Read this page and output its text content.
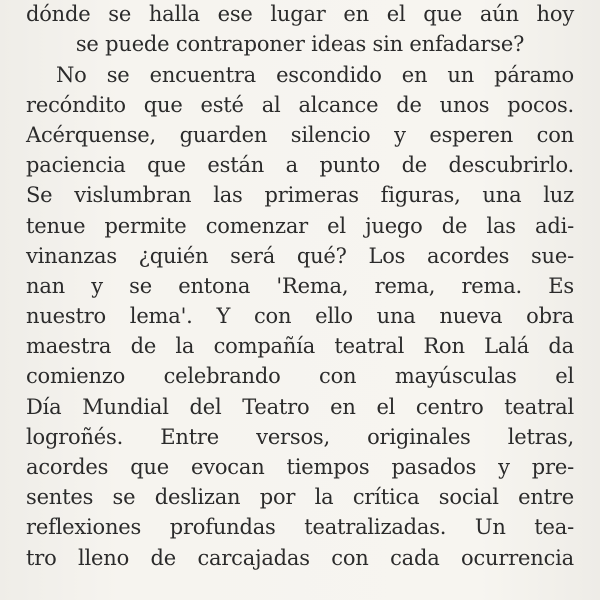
dónde se halla ese lugar en el que aún hoy
se puede contraponer ideas sin enfadarse?
No se encuentra escondido en un páramo
recóndito que esté al alcance de unos pocos.
Acérquense, guarden silencio y esperen con
paciencia que están a punto de descubrirlo.
Se vislumbran las primeras figuras, una luz
tenue permite comenzar el juego de las adi-
vinanzas ¿quién será qué? Los acordes sue-
nan y se entona 'Rema, rema, rema. Es
nuestro lema'. Y con ello una nueva obra
maestra de la compañía teatral Ron Lalá da
comienzo celebrando con mayúsculas el
Día Mundial del Teatro en el centro teatral
logroñés. Entre versos, originales letras,
acordes que evocan tiempos pasados y pre-
sentes se deslizan por la crítica social entre
reflexiones profundas teatralizadas. Un tea-
tro lleno de carcajadas con cada ocurrencia
